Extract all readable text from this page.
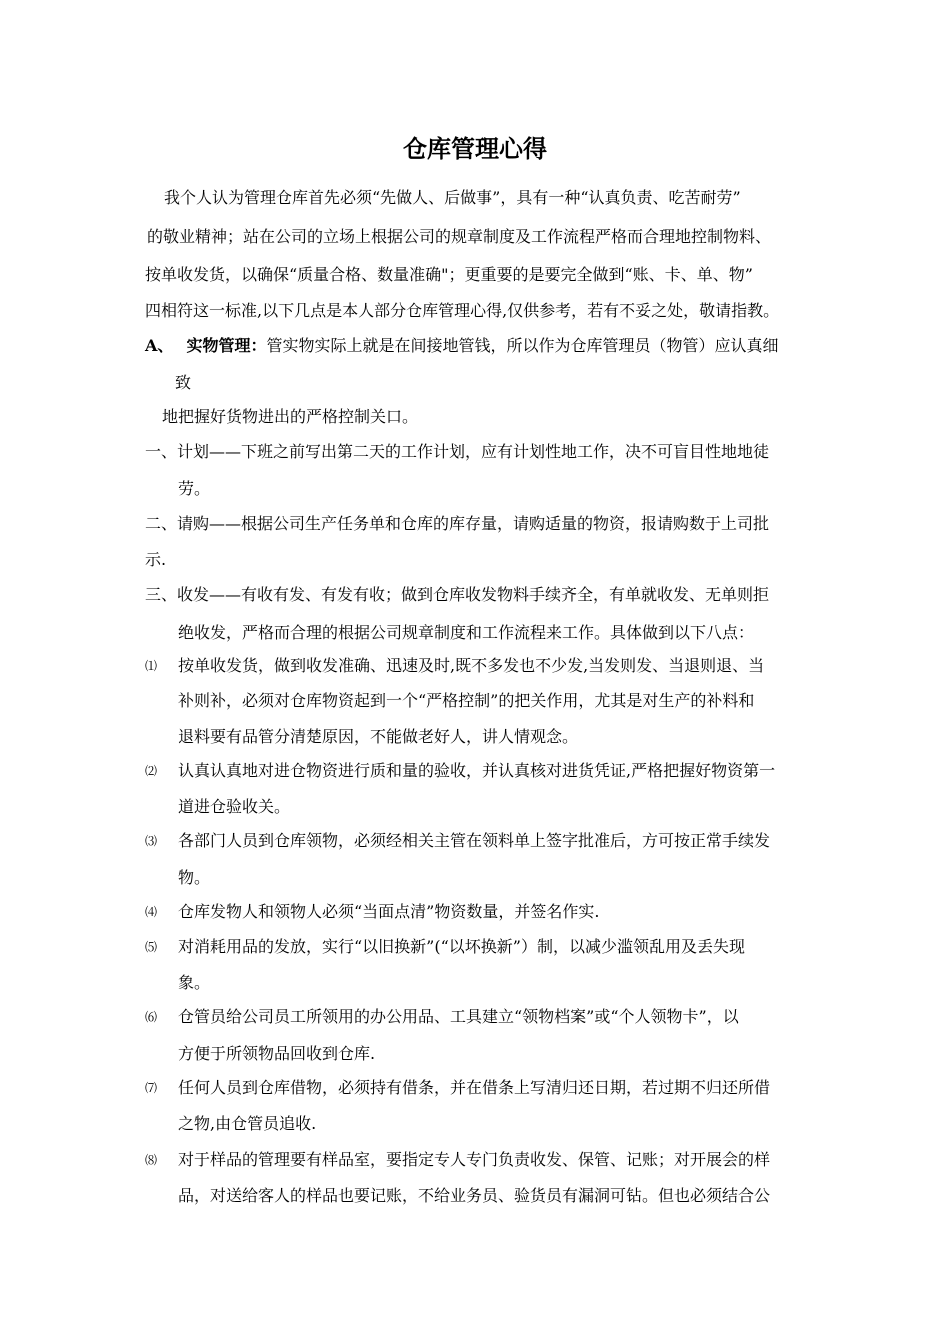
仓库管理心得
我个人认为管理仓库首先必须“先做人、后做事”，具有一种“认真负责、吃苦耐劳”
的敬业精神；站在公司的立场上根据公司的规章制度及工作流程严格而合理地控制物料、
按单收发货，以确保“质量合格、数量准确"；更重要的是要完全做到“账、卡、单、物”
四相符这一标准,以下几点是本人部分仓库管理心得,仅供参考，若有不妥之处，敬请指教。
A、 实物管理：管实物实际上就是在间接地管钱，所以作为仓库管理员（物管）应认真细
致
地把握好货物进出的严格控制关口。
一、计划——下班之前写出第二天的工作计划，应有计划性地工作，决不可盲目性地地徒
劳。
二、请购——根据公司生产任务单和仓库的库存量，请购适量的物资，报请购数于上司批
示.
三、收发——有收有发、有发有收；做到仓库收发物料手续齐全，有单就收发、无单则拒
绝收发，严格而合理的根据公司规章制度和工作流程来工作。具体做到以下八点：
⑴ 按单收发货，做到收发准确、迅速及时,既不多发也不少发,当发则发、当退则退、当
补则补，必须对仓库物资起到一个“严格控制”的把关作用，尤其是对生产的补料和
退料要有品管分清楚原因，不能做老好人，讲人情观念。
⑵ 认真认真地对进仓物资进行质和量的验收，并认真核对进货凭证,严格把握好物资第一
道进仓验收关。
⑶ 各部门人员到仓库领物，必须经相关主管在领料单上签字批准后，方可按正常手续发
物。
⑷ 仓库发物人和领物人必须“当面点清”物资数量，并签名作实.
⑸ 对消耗用品的发放，实行“以旧换新”(“以坏换新”）制，以减少滥领乱用及丢失现
象。
⑹ 仓管员给公司员工所领用的办公用品、工具建立“领物档案”或“个人领物卡”，以
方便于所领物品回收到仓库.
⑺ 任何人员到仓库借物，必须持有借条，并在借条上写清归还日期，若过期不归还所借
之物,由仓管员追收.
⑻ 对于样品的管理要有样品室，要指定专人专门负责收发、保管、记账；对开展会的样
品，对送给客人的样品也要记账，不给业务员、验货员有漏洞可钻。但也必须结合公
